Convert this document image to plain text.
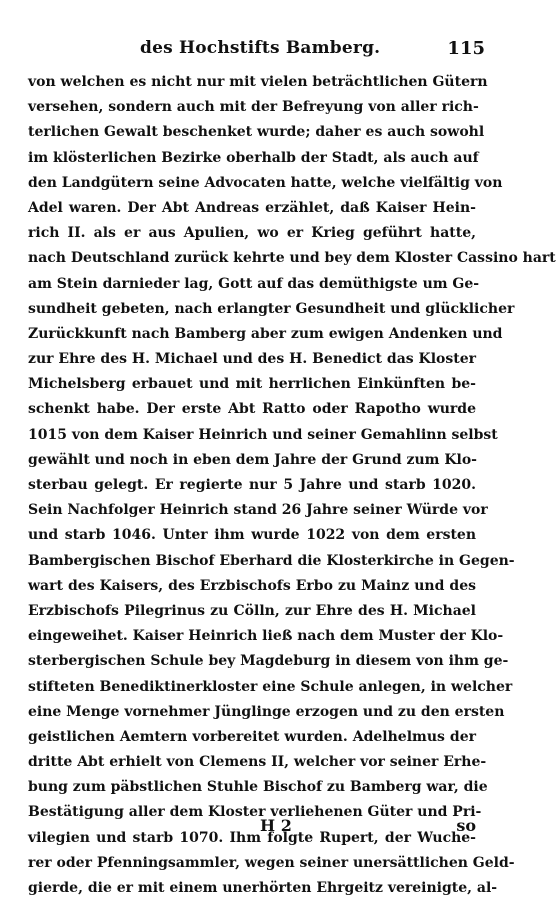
des Hochstifts Bamberg.	115
von welchen es nicht nur mit vielen beträchtlichen Gütern
versehen, sondern auch mit der Befreyung von aller rich-
terlichen Gewalt beschenket wurde; daher es auch sowohl
im klösterlichen Bezirke oberhalb der Stadt, als auch auf
den Landgütern seine Advocaten hatte, welche vielfältig von
Adel waren. Der Abt Andreas erzählet, daß Kaiser Hein-
rich II. als er aus Apulien, wo er Krieg geführt hatte,
nach Deutschland zurück kehrte und bey dem Kloster Cassino hart
am Stein darnieder lag, Gott auf das demüthigste um Ge-
sundheit gebeten, nach erlangter Gesundheit und glücklicher
Zurückkunft nach Bamberg aber zum ewigen Andenken und
zur Ehre des H. Michael und des H. Benedict das Kloster
Michelsberg erbauet und mit herrlichen Einkünften be-
schenkt habe. Der erste Abt Ratto oder Rapotho wurde
1015 von dem Kaiser Heinrich und seiner Gemahlinn selbst
gewählt und noch in eben dem Jahre der Grund zum Klo-
sterbau gelegt. Er regierte nur 5 Jahre und starb 1020.
Sein Nachfolger Heinrich stand 26 Jahre seiner Würde vor
und starb 1046. Unter ihm wurde 1022 von dem ersten
Bambergischen Bischof Eberhard die Klosterkirche in Gegen-
wart des Kaisers, des Erzbischofs Erbo zu Mainz und des
Erzbischofs Pilegrinus zu Cölln, zur Ehre des H. Michael
eingeweihet. Kaiser Heinrich ließ nach dem Muster der Klo-
sterbergischen Schule bey Magdeburg in diesem von ihm ge-
stifteten Benediktinerkloster eine Schule anlegen, in welcher
eine Menge vornehmer Jünglinge erzogen und zu den ersten
geistlichen Aemtern vorbereitet wurden. Adelhelmus der
dritte Abt erhielt von Clemens II, welcher vor seiner Erhe-
bung zum päbstlichen Stuhle Bischof zu Bamberg war, die
Bestätigung aller dem Kloster verliehenen Güter und Pri-
vilegien und starb 1070. Ihm folgte Rupert, der Wuche-
rer oder Pfenningsammler, wegen seiner unersättlichen Geld-
gierde, die er mit einem unerhörten Ehrgeitz vereinigte, al-
H 2	so
